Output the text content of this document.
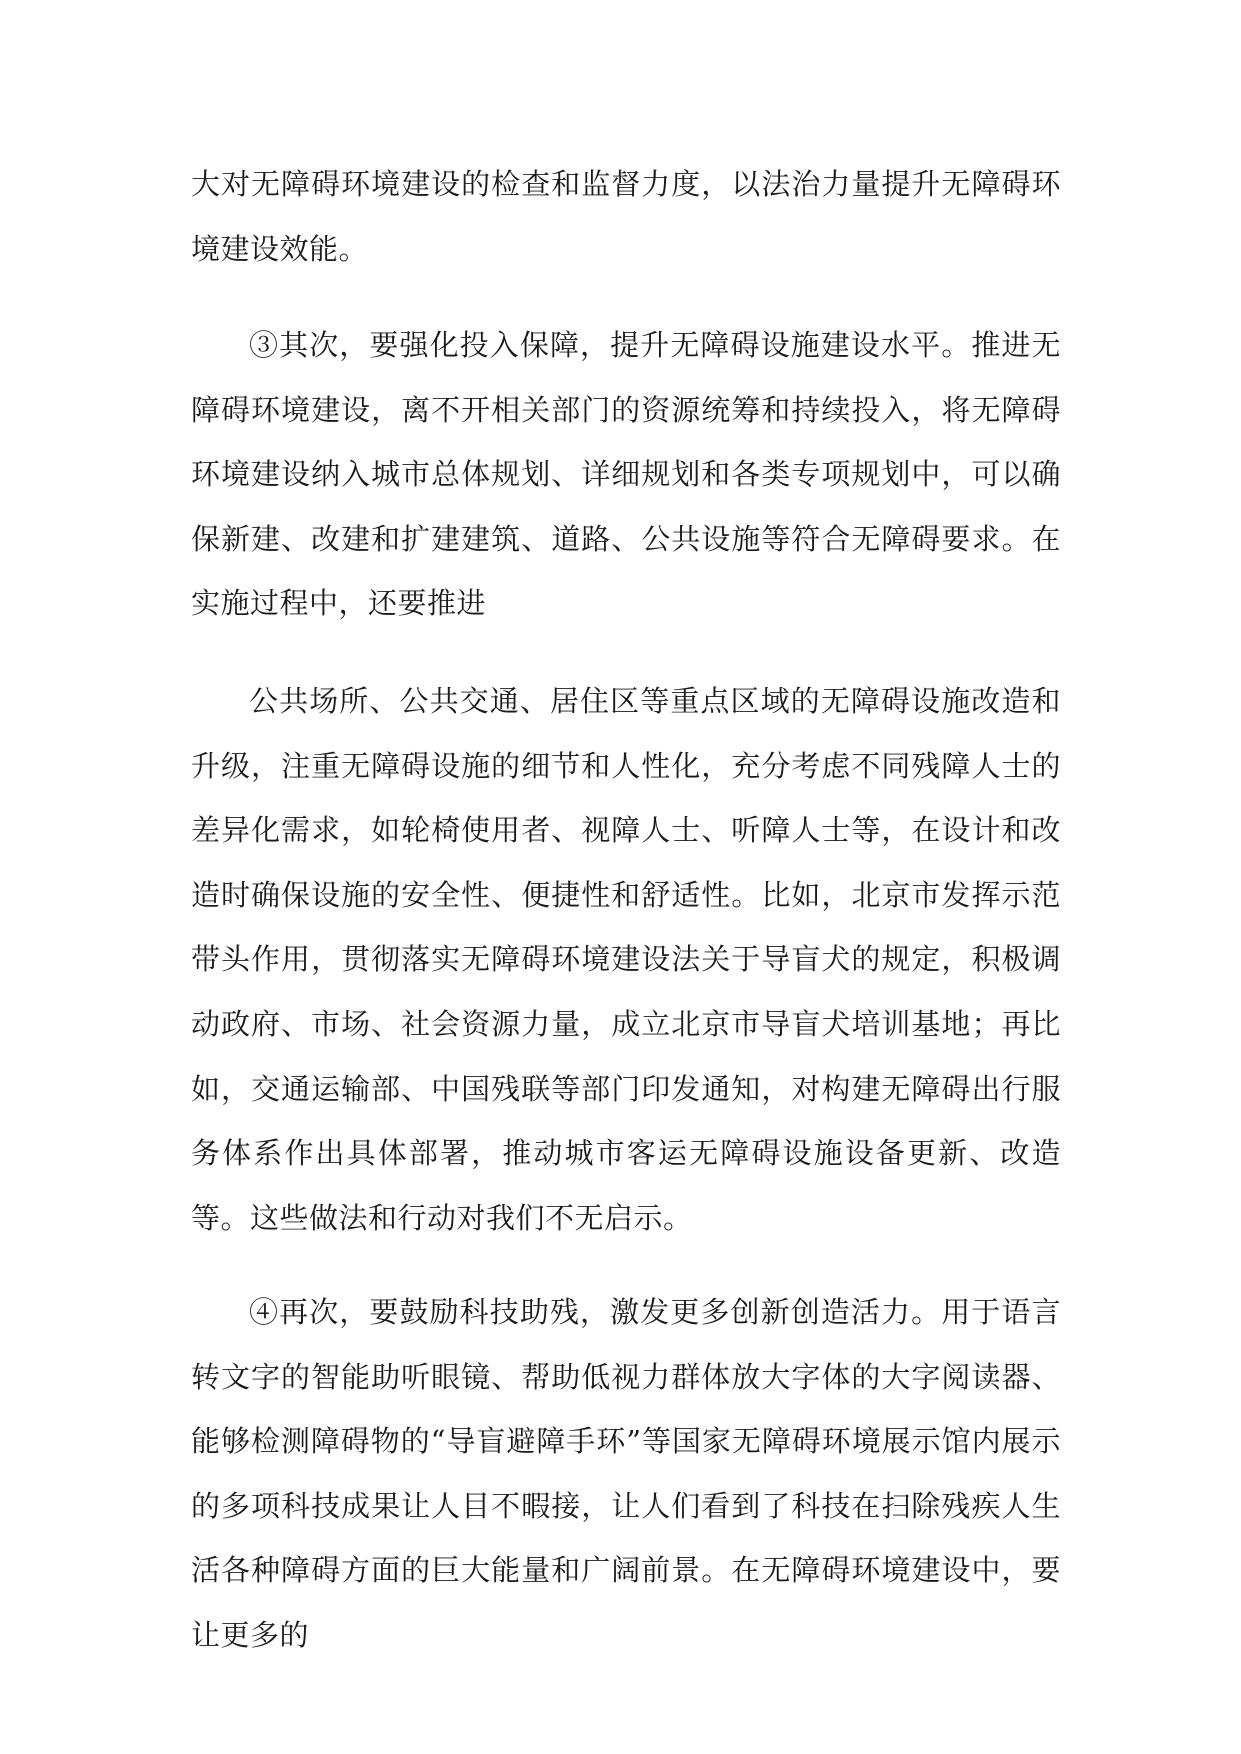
大对无障碍环境建设的检查和监督力度，以法治力量提升无障碍环境建设效能。

③其次，要强化投入保障，提升无障碍设施建设水平。推进无障碍环境建设，离不开相关部门的资源统筹和持续投入，将无障碍环境建设纳入城市总体规划、详细规划和各类专项规划中，可以确保新建、改建和扩建建筑、道路、公共设施等符合无障碍要求。在实施过程中，还要推进

公共场所、公共交通、居住区等重点区域的无障碍设施改造和升级，注重无障碍设施的细节和人性化，充分考虑不同残障人士的差异化需求，如轮椅使用者、视障人士、听障人士等，在设计和改造时确保设施的安全性、便捷性和舒适性。比如，北京市发挥示范带头作用，贯彻落实无障碍环境建设法关于导盲犬的规定，积极调动政府、市场、社会资源力量，成立北京市导盲犬培训基地；再比如，交通运输部、中国残联等部门印发通知，对构建无障碍出行服务体系作出具体部署，推动城市客运无障碍设施设备更新、改造等。这些做法和行动对我们不无启示。

④再次，要鼓励科技助残，激发更多创新创造活力。用于语言转文字的智能助听眼镜、帮助低视力群体放大字体的大字阅读器、能够检测障碍物的“导盲避障手环”等国家无障碍环境展示馆内展示的多项科技成果让人目不暇接，让人们看到了科技在扫除残疾人生活各种障碍方面的巨大能量和广阔前景。在无障碍环境建设中，要让更多的
